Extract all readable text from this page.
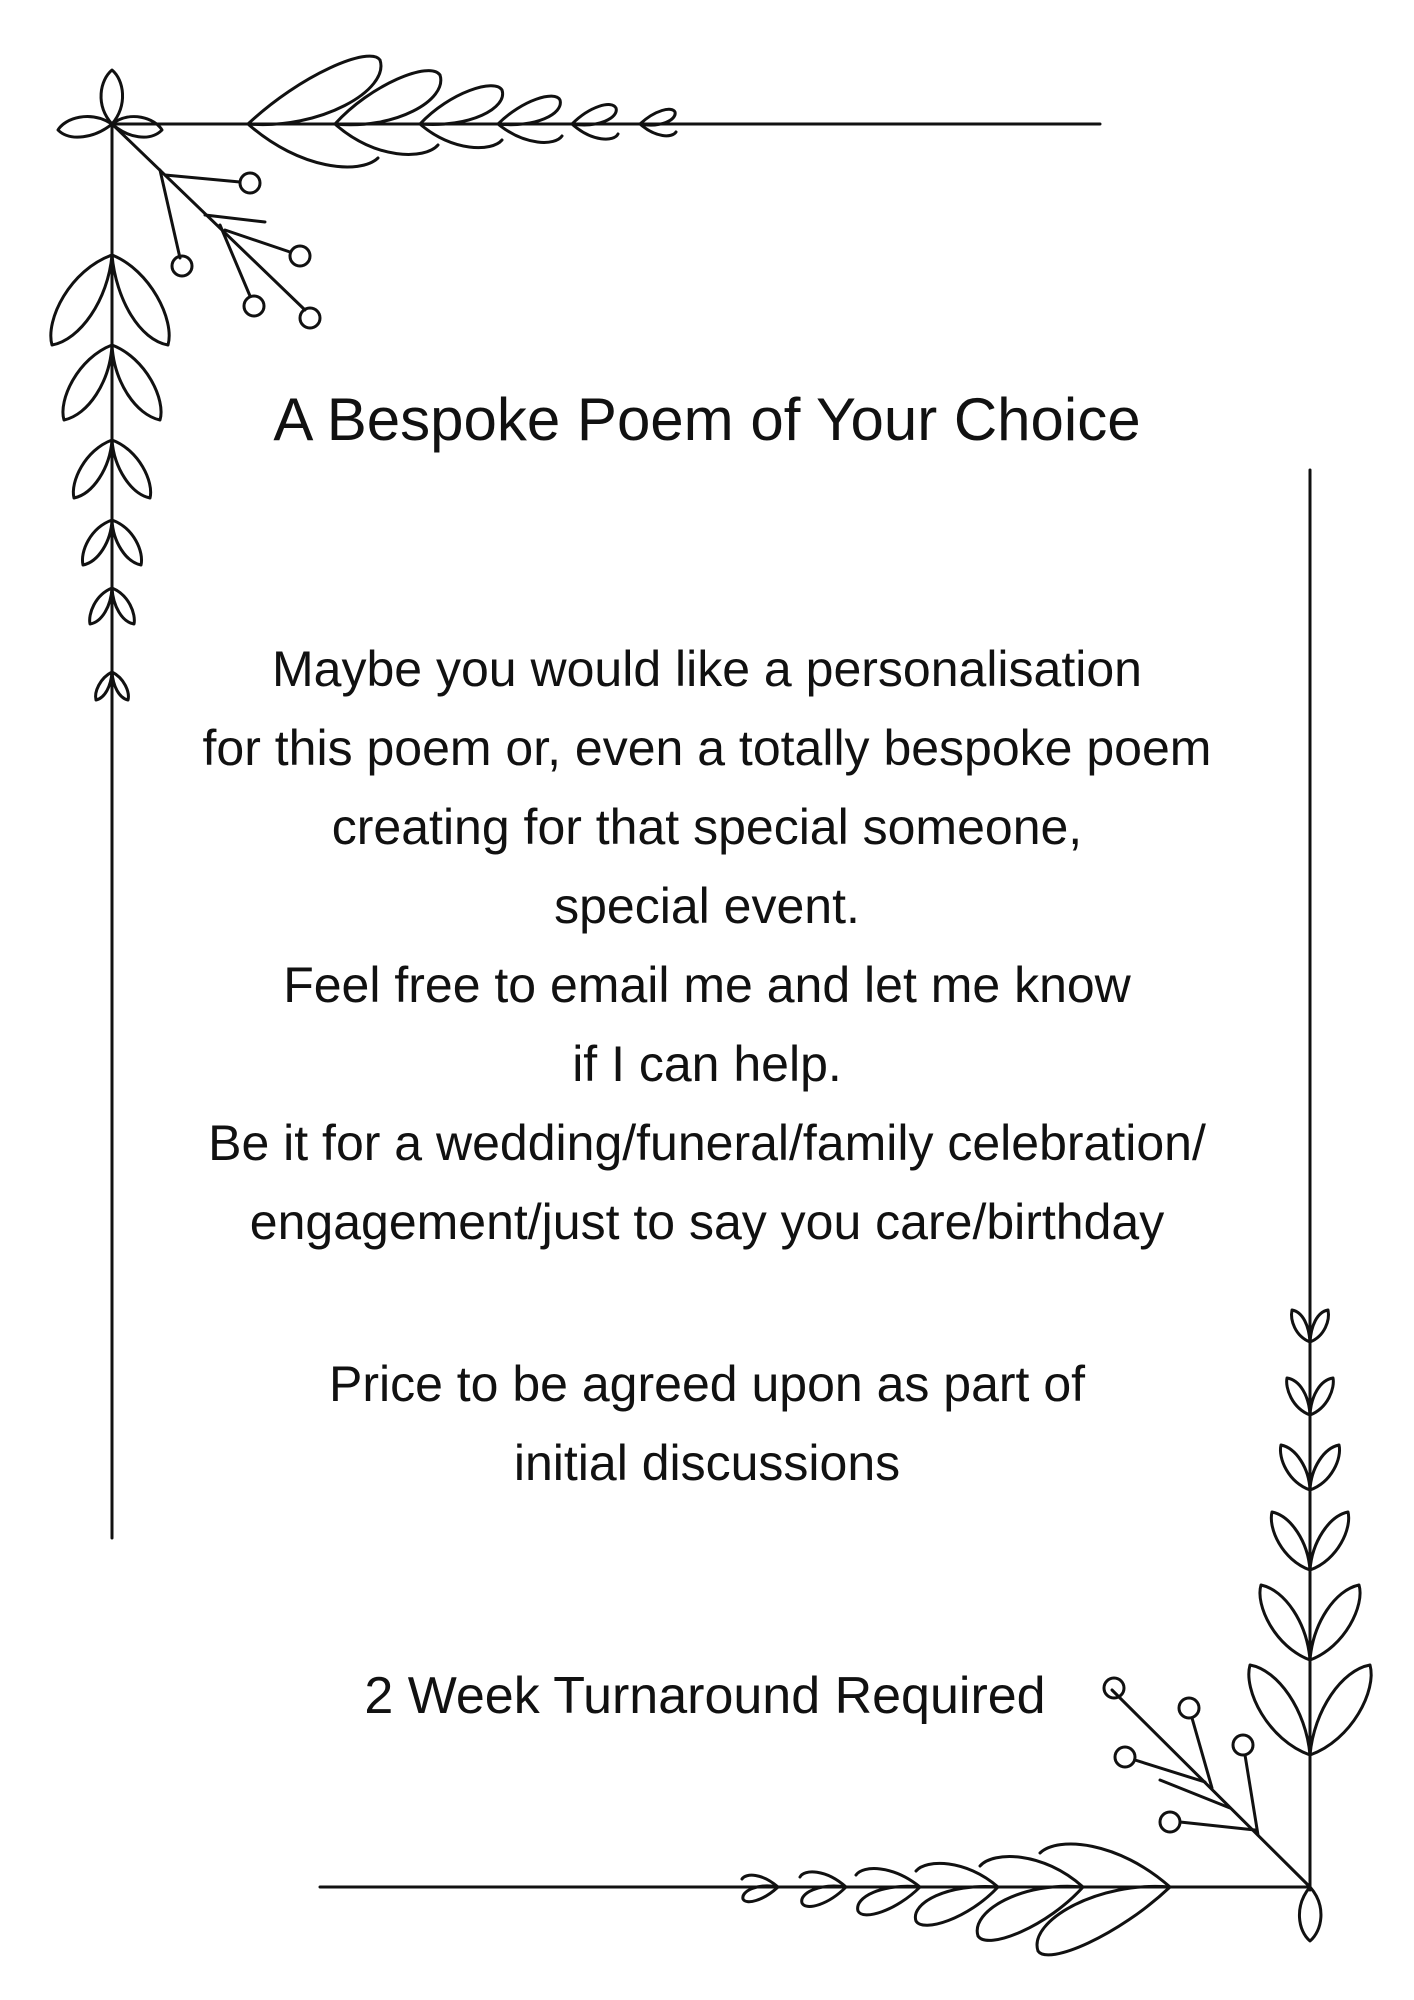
A Bespoke Poem of Your Choice
Maybe you would like a personalisation
for this poem or, even a totally bespoke poem
creating for that special someone,
special event.
Feel free to email me and let me know
if I can help.
Be it for a wedding/funeral/family celebration/
engagement/just to say you care/birthday
Price to be agreed upon as part of
initial discussions
2 Week Turnaround Required
